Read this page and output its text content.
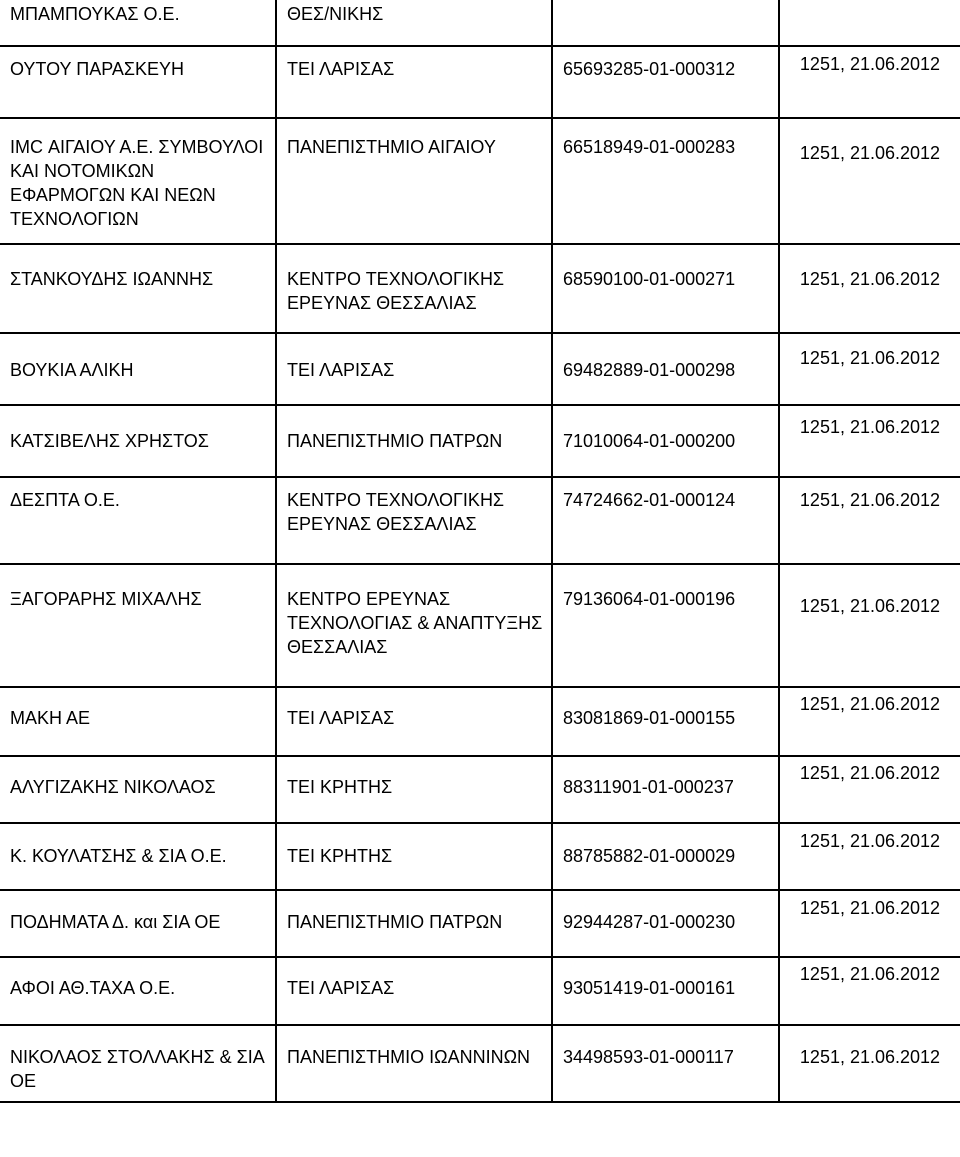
ΜΠΑΜΠΟΥΚΑΣ Ο.Ε.	ΘΕΣ/ΝΙΚΗΣ		

ΟΥΤΟΥ ΠΑΡΑΣΚΕΥΗ	ΤΕΙ ΛΑΡΙΣΑΣ	65693285-01-000312	1251, 21.06.2012

IMC ΑΙΓΑΙΟΥ Α.Ε. ΣΥΜΒΟΥΛΟΙ ΚΑΙ ΝΟΤΟΜΙΚΩΝ ΕΦΑΡΜΟΓΩΝ ΚΑΙ ΝΕΩΝ ΤΕΧΝΟΛΟΓΙΩΝ	ΠΑΝΕΠΙΣΤΗΜΙΟ ΑΙΓΑΙΟΥ	66518949-01-000283	1251, 21.06.2012

ΣΤΑΝΚΟΥΔΗΣ ΙΩΑΝΝΗΣ	ΚΕΝΤΡΟ ΤΕΧΝΟΛΟΓΙΚΗΣ ΕΡΕΥΝΑΣ ΘΕΣΣΑΛΙΑΣ	68590100-01-000271	1251, 21.06.2012

ΒΟΥΚΙΑ ΑΛΙΚΗ	ΤΕΙ ΛΑΡΙΣΑΣ	69482889-01-000298	1251, 21.06.2012

ΚΑΤΣΙΒΕΛΗΣ ΧΡΗΣΤΟΣ	ΠΑΝΕΠΙΣΤΗΜΙΟ ΠΑΤΡΩΝ	71010064-01-000200	1251, 21.06.2012

ΔΕΣΠΤΑ Ο.Ε.	ΚΕΝΤΡΟ ΤΕΧΝΟΛΟΓΙΚΗΣ ΕΡΕΥΝΑΣ ΘΕΣΣΑΛΙΑΣ	74724662-01-000124	1251, 21.06.2012

ΞΑΓΟΡΑΡΗΣ ΜΙΧΑΛΗΣ	ΚΕΝΤΡΟ ΕΡΕΥΝΑΣ ΤΕΧΝΟΛΟΓΙΑΣ & ΑΝΑΠΤΥΞΗΣ ΘΕΣΣΑΛΙΑΣ	79136064-01-000196	1251, 21.06.2012

ΜΑΚΗ ΑΕ	ΤΕΙ ΛΑΡΙΣΑΣ	83081869-01-000155	1251, 21.06.2012

ΑΛΥΓΙΖΑΚΗΣ ΝΙΚΟΛΑΟΣ	ΤΕΙ ΚΡΗΤΗΣ	88311901-01-000237	1251, 21.06.2012

Κ. ΚΟΥΛΑΤΣΗΣ & ΣΙΑ Ο.Ε.	ΤΕΙ ΚΡΗΤΗΣ	88785882-01-000029	1251, 21.06.2012

ΠΟΔΗΜΑΤΑ Δ. και ΣΙΑ ΟΕ	ΠΑΝΕΠΙΣΤΗΜΙΟ ΠΑΤΡΩΝ	92944287-01-000230	1251, 21.06.2012

ΑΦΟΙ ΑΘ.ΤΑΧΑ Ο.Ε.	ΤΕΙ ΛΑΡΙΣΑΣ	93051419-01-000161	1251, 21.06.2012

ΝΙΚΟΛΑΟΣ ΣΤΟΛΛΑΚΗΣ & ΣΙΑ ΟΕ	ΠΑΝΕΠΙΣΤΗΜΙΟ ΙΩΑΝΝΙΝΩΝ	34498593-01-000117	1251, 21.06.2012
